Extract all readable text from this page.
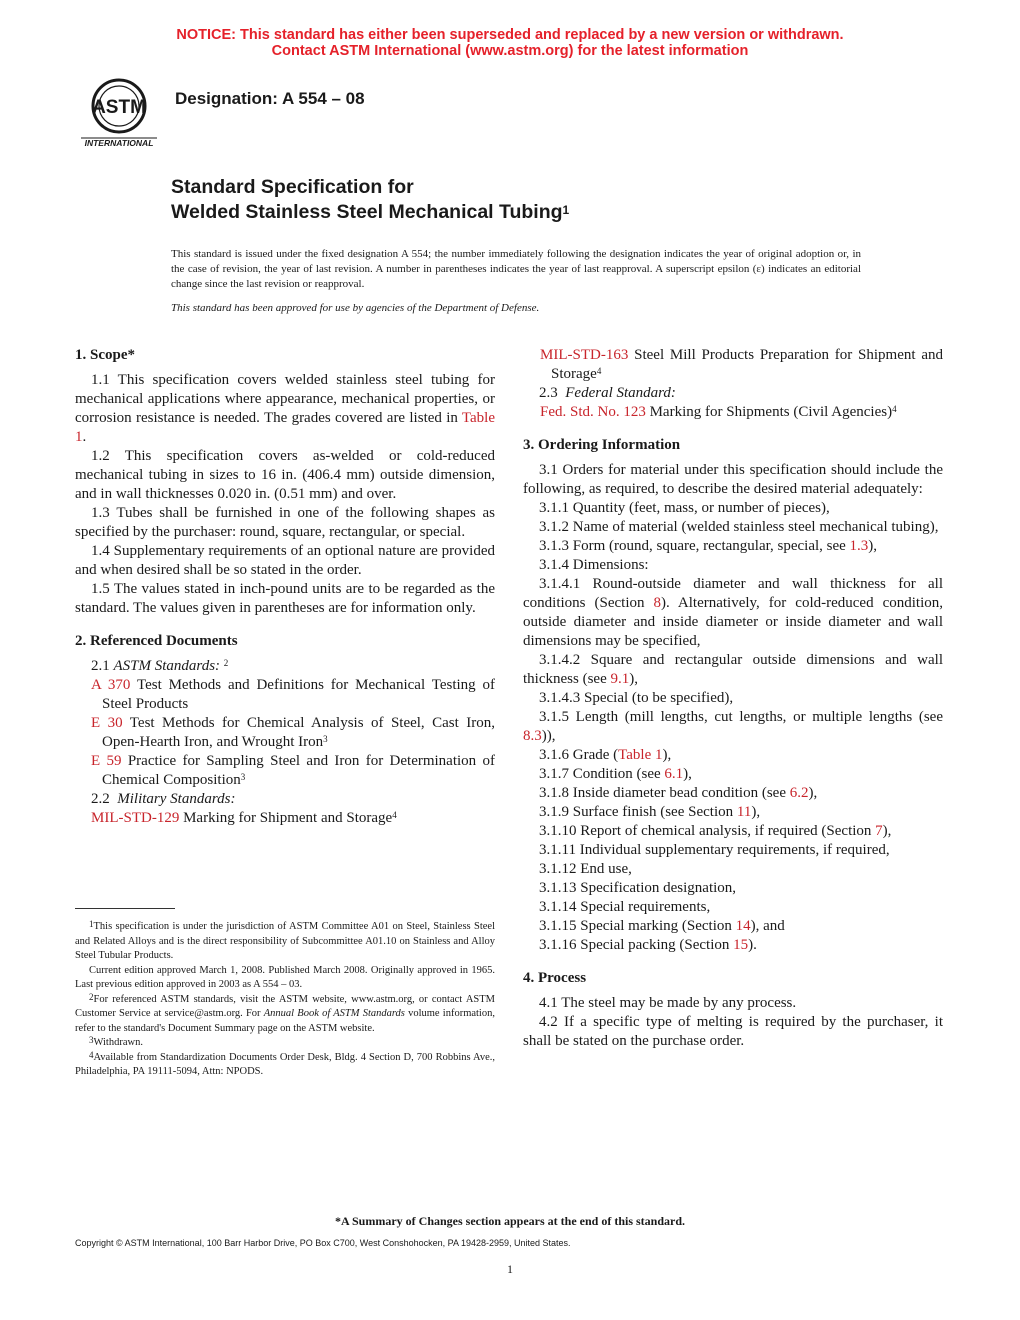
NOTICE: This standard has either been superseded and replaced by a new version or withdrawn.
Contact ASTM International (www.astm.org) for the latest information
ASTM
INTERNATIONAL
Designation: A 554 – 08
Standard Specification for
Welded Stainless Steel Mechanical Tubing$^1$
This standard is issued under the fixed designation A 554; the number immediately following the designation indicates the year of original adoption or, in the case of revision, the year of last revision. A number in parentheses indicates the year of last reapproval. A superscript epsilon (ε) indicates an editorial change since the last revision or reapproval.
This standard has been approved for use by agencies of the Department of Defense.
1. Scope*
1.1 This specification covers welded stainless steel tubing for mechanical applications where appearance, mechanical properties, or corrosion resistance is needed. The grades covered are listed in Table 1.
1.2 This specification covers as-welded or cold-reduced mechanical tubing in sizes to 16 in. (406.4 mm) outside dimension, and in wall thicknesses 0.020 in. (0.51 mm) and over.
1.3 Tubes shall be furnished in one of the following shapes as specified by the purchaser: round, square, rectangular, or special.
1.4 Supplementary requirements of an optional nature are provided and when desired shall be so stated in the order.
1.5 The values stated in inch-pound units are to be regarded as the standard. The values given in parentheses are for information only.
2. Referenced Documents
2.1 ASTM Standards: $^2$
A 370 Test Methods and Definitions for Mechanical Testing of Steel Products
E 30 Test Methods for Chemical Analysis of Steel, Cast Iron, Open-Hearth Iron, and Wrought Iron$^3$
E 59 Practice for Sampling Steel and Iron for Determination of Chemical Composition$^3$
2.2 Military Standards:
MIL-STD-129 Marking for Shipment and Storage$^4$

$^1$This specification is under the jurisdiction of ASTM Committee A01 on Steel, Stainless Steel and Related Alloys and is the direct responsibility of Subcommittee A01.10 on Stainless and Alloy Steel Tubular Products.

Current edition approved March 1, 2008. Published March 2008. Originally approved in 1965. Last previous edition approved in 2003 as A 554 – 03.

$^2$For referenced ASTM standards, visit the ASTM website, www.astm.org, or contact ASTM Customer Service at service@astm.org. For Annual Book of ASTM Standards volume information, refer to the standard's Document Summary page on the ASTM website.

$^3$Withdrawn.

$^4$Available from Standardization Documents Order Desk, Bldg. 4 Section D, 700 Robbins Ave., Philadelphia, PA 19111-5094, Attn: NPODS.

MIL-STD-163 Steel Mill Products Preparation for Shipment and Storage$^4$
2.3 Federal Standard:
Fed. Std. No. 123 Marking for Shipments (Civil Agencies)$^4$
3. Ordering Information
3.1 Orders for material under this specification should include the following, as required, to describe the desired material adequately:
3.1.1 Quantity (feet, mass, or number of pieces),
3.1.2 Name of material (welded stainless steel mechanical tubing),
3.1.3 Form (round, square, rectangular, special, see 1.3),
3.1.4 Dimensions:
3.1.4.1 Round-outside diameter and wall thickness for all conditions (Section 8). Alternatively, for cold-reduced condition, outside diameter and inside diameter or inside diameter and wall dimensions may be specified,
3.1.4.2 Square and rectangular outside dimensions and wall thickness (see 9.1),
3.1.4.3 Special (to be specified),
3.1.5 Length (mill lengths, cut lengths, or multiple lengths (see 8.3)),
3.1.6 Grade (Table 1),
3.1.7 Condition (see 6.1),
3.1.8 Inside diameter bead condition (see 6.2),
3.1.9 Surface finish (see Section 11),
3.1.10 Report of chemical analysis, if required (Section 7),
3.1.11 Individual supplementary requirements, if required,
3.1.12 End use,
3.1.13 Specification designation,
3.1.14 Special requirements,
3.1.15 Special marking (Section 14), and
3.1.16 Special packing (Section 15).
4. Process
4.1 The steel may be made by any process.
4.2 If a specific type of melting is required by the purchaser, it shall be stated on the purchase order.
*A Summary of Changes section appears at the end of this standard.
Copyright © ASTM International, 100 Barr Harbor Drive, PO Box C700, West Conshohocken, PA 19428-2959, United States.
1
